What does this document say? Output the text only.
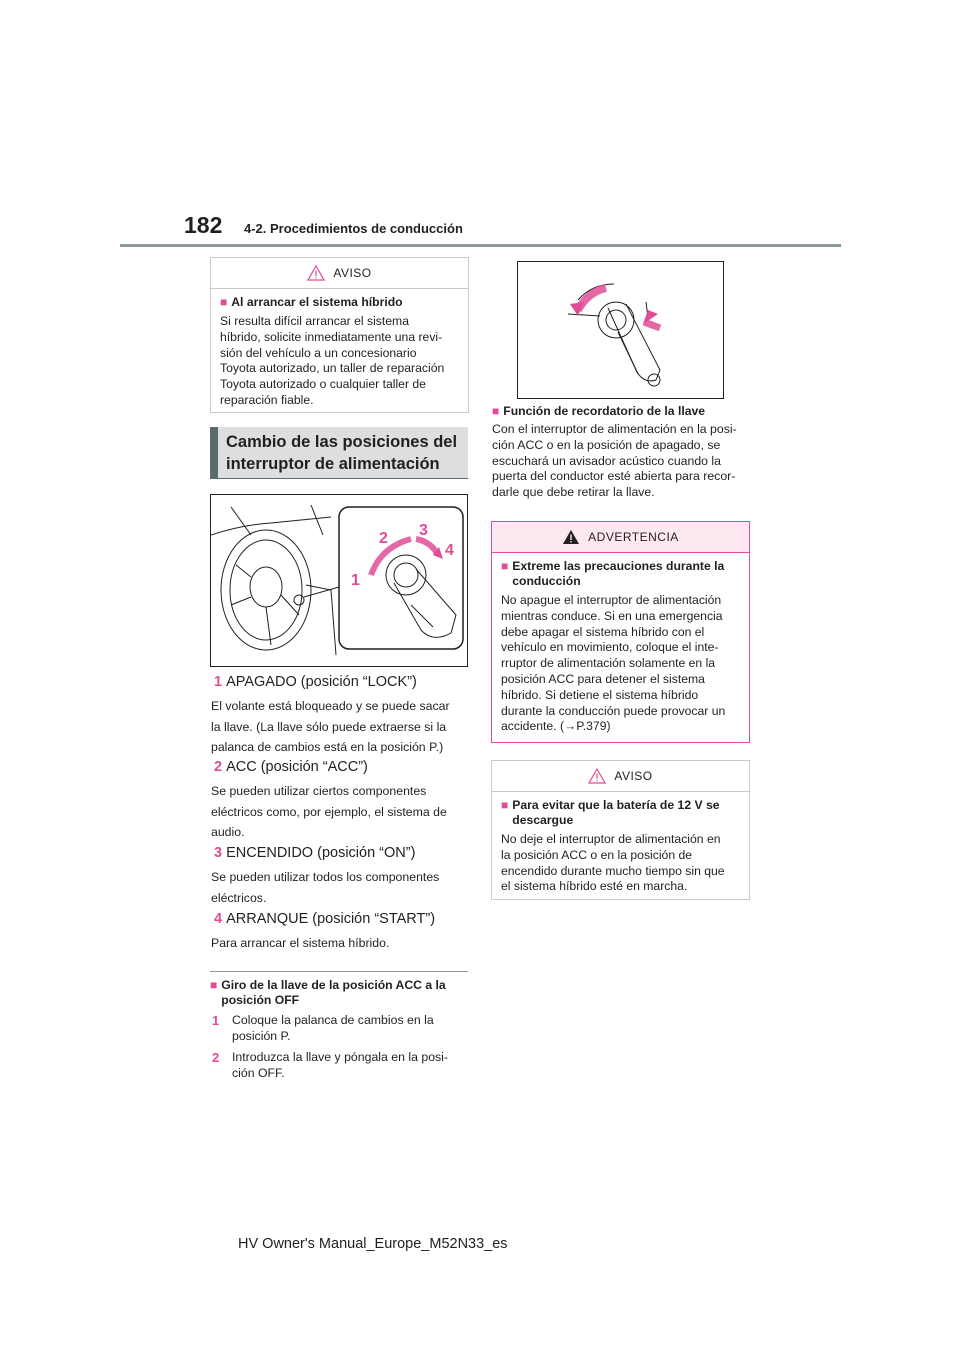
182 4-2. Procedimientos de conducción
AVISO
■ Al arrancar el sistema híbrido
Si resulta difícil arrancar el sistema
híbrido, solicite inmediatamente una revi-
sión del vehículo a un concesionario
Toyota autorizado, un taller de reparación
Toyota autorizado o cualquier taller de
reparación fiable.
Cambio de las posiciones del
interruptor de alimentación
1
2 3
4
1 APAGADO (posición “LOCK”)
El volante está bloqueado y se puede sacar
la llave. (La llave sólo puede extraerse si la
palanca de cambios está en la posición P.)
2 ACC (posición “ACC”)
Se pueden utilizar ciertos componentes
eléctricos como, por ejemplo, el sistema de
audio.
3 ENCENDIDO (posición “ON”)
Se pueden utilizar todos los componentes
eléctricos.
4 ARRANQUE (posición “START”)
Para arrancar el sistema híbrido.
■ Giro de la llave de la posición ACC a la
posición OFF
1	Coloque la palanca de cambios en la
posición P.
2	Introduzca la llave y póngala en la posi-
ción OFF.
■ Función de recordatorio de la llave
Con el interruptor de alimentación en la posi-
ción ACC o en la posición de apagado, se
escuchará un avisador acústico cuando la
puerta del conductor esté abierta para recor-
darle que debe retirar la llave.
ADVERTENCIA
■ Extreme las precauciones durante la
conducción
No apague el interruptor de alimentación
mientras conduce. Si en una emergencia
debe apagar el sistema híbrido con el
vehículo en movimiento, coloque el inte-
rruptor de alimentación solamente en la
posición ACC para detener el sistema
híbrido. Si detiene el sistema híbrido
durante la conducción puede provocar un
accidente. (→P.379)
AVISO
■ Para evitar que la batería de 12 V se
descargue
No deje el interruptor de alimentación en
la posición ACC o en la posición de
encendido durante mucho tiempo sin que
el sistema híbrido esté en marcha.
HV Owner's Manual_Europe_M52N33_es
